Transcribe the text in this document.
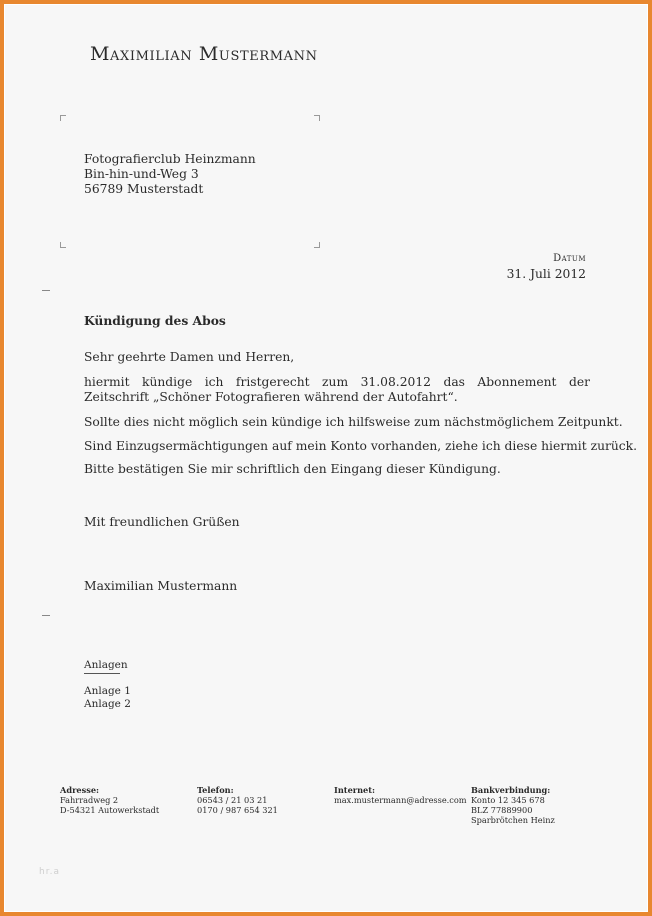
Maximilian Mustermann
Fotografierclub Heinzmann
Bin-hin-und-Weg 3
56789 Musterstadt
Datum
31. Juli 2012
Kündigung des Abos
Sehr geehrte Damen und Herren,
hiermit kündige ich fristgerecht zum 31.08.2012 das Abonnement der Zeitschrift „Schöner Fotografieren während der Autofahrt“.
Sollte dies nicht möglich sein kündige ich hilfsweise zum nächstmöglichem Zeitpunkt.
Sind Einzugsermächtigungen auf mein Konto vorhanden, ziehe ich diese hiermit zurück.
Bitte bestätigen Sie mir schriftlich den Eingang dieser Kündigung.
Mit freundlichen Grüßen
Maximilian Mustermann
Anlagen
Anlage 1
Anlage 2
Adresse:
Fahrradweg 2
D-54321 Autowerkstadt
Telefon:
06543 / 21 03 21
0170 / 987 654 321
Internet:
max.mustermann@adresse.com
Bankverbindung:
Konto 12 345 678
BLZ 77889900
Sparbrötchen Heinz
hr.a
